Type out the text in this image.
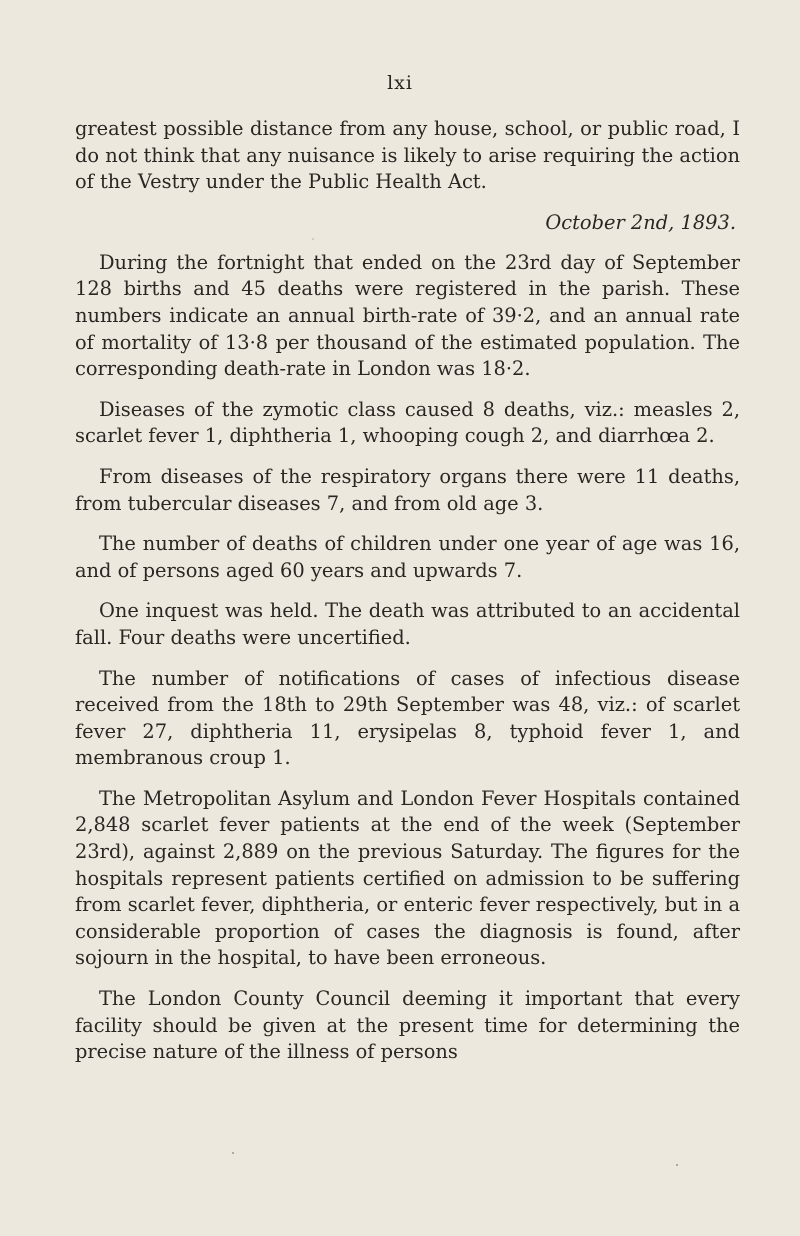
lxi

greatest possible distance from any house, school, or public road, I do not think that any nuisance is likely to arise requiring the action of the Vestry under the Public Health Act.

October 2nd, 1893.

During the fortnight that ended on the 23rd day of September 128 births and 45 deaths were registered in the parish. These numbers indicate an annual birth-rate of 39·2, and an annual rate of mortality of 13·8 per thousand of the estimated population. The corresponding death-rate in London was 18·2.

Diseases of the zymotic class caused 8 deaths, viz.: measles 2, scarlet fever 1, diphtheria 1, whooping cough 2, and diarrhœa 2.

From diseases of the respiratory organs there were 11 deaths, from tubercular diseases 7, and from old age 3.

The number of deaths of children under one year of age was 16, and of persons aged 60 years and upwards 7.

One inquest was held. The death was attributed to an accidental fall. Four deaths were uncertified.

The number of notifications of cases of infectious disease received from the 18th to 29th September was 48, viz.: of scarlet fever 27, diphtheria 11, erysipelas 8, typhoid fever 1, and membranous croup 1.

The Metropolitan Asylum and London Fever Hospitals contained 2,848 scarlet fever patients at the end of the week (September 23rd), against 2,889 on the previous Saturday. The figures for the hospitals represent patients certified on admission to be suffering from scarlet fever, diphtheria, or enteric fever respectively, but in a considerable proportion of cases the diagnosis is found, after sojourn in the hospital, to have been erroneous.

The London County Council deeming it important that every facility should be given at the present time for determining the precise nature of the illness of persons
